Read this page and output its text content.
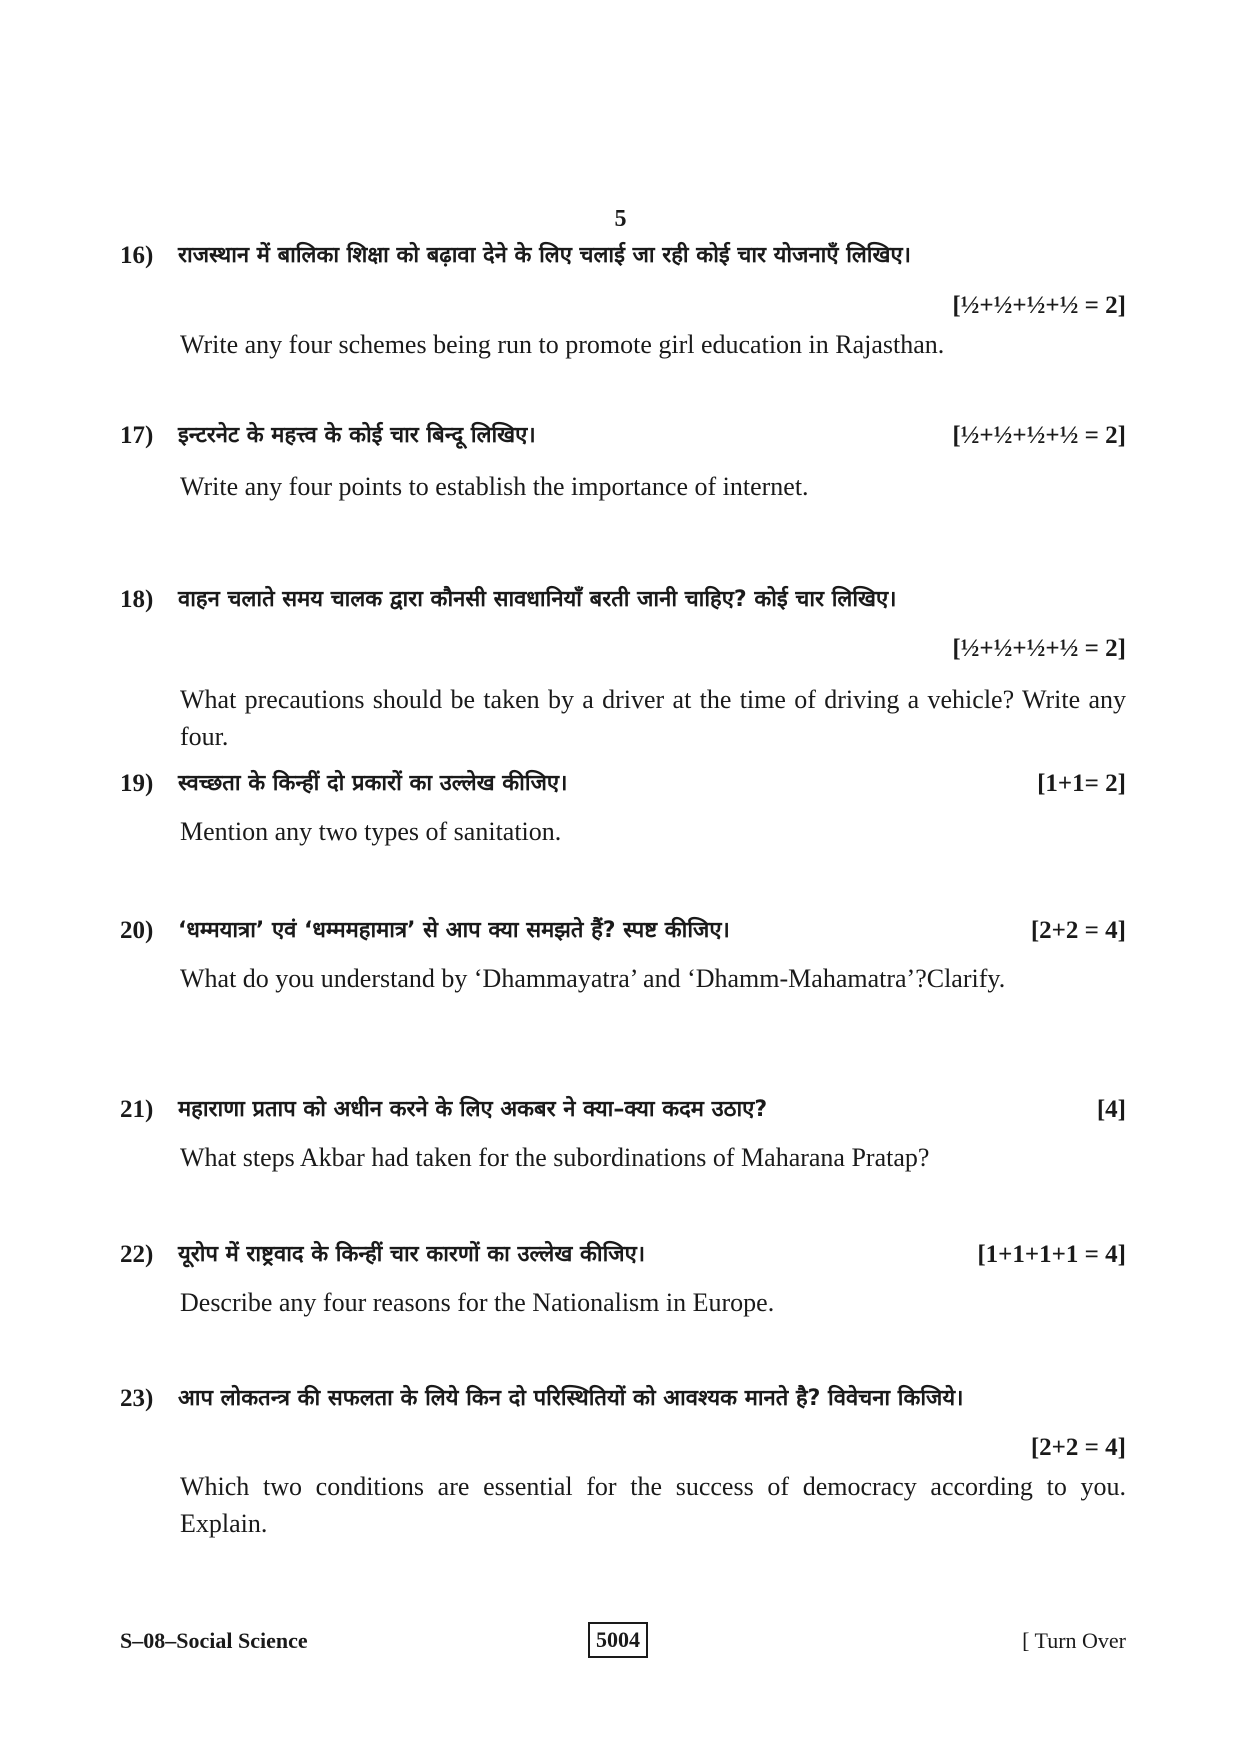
5
16) राजस्थान में बालिका शिक्षा को बढ़ावा देने के लिए चलाई जा रही कोई चार योजनाएँ लिखिए।
[½+½+½+½ = 2]
Write any four schemes being run to promote girl education in Rajasthan.
17) इन्टरनेट के महत्त्व के कोई चार बिन्दू लिखिए।	[½+½+½+½ = 2]
Write any four points to establish the importance of internet.
18) वाहन चलाते समय चालक द्वारा कौनसी सावधानियाँ बरती जानी चाहिए? कोई चार लिखिए।
[½+½+½+½ = 2]
What precautions should be taken by a driver at the time of driving a vehicle? Write any four.
19) स्वच्छता के किन्हीं दो प्रकारों का उल्लेख कीजिए।	[1+1= 2]
Mention any two types of sanitation.
20) ‘धम्मयात्रा’ एवं ‘धम्ममहामात्र’ से आप क्या समझते हैं? स्पष्ट कीजिए।	[2+2 = 4]
What do you understand by ‘Dhammayatra’ and ‘Dhamm-Mahamatra’?Clarify.
21) महाराणा प्रताप को अधीन करने के लिए अकबर ने क्या–क्या कदम उठाए?	[4]
What steps Akbar had taken for the subordinations of Maharana Pratap?
22) यूरोप में राष्ट्रवाद के किन्हीं चार कारणों का उल्लेख कीजिए।	[1+1+1+1 = 4]
Describe any four reasons for the Nationalism in Europe.
23) आप लोकतन्त्र की सफलता के लिये किन दो परिस्थितियों को आवश्यक मानते है? विवेचना किजिये।
[2+2 = 4]
Which two conditions are essential for the success of democracy according to you. Explain.
S–08–Social Science	5004	[ Turn Over
